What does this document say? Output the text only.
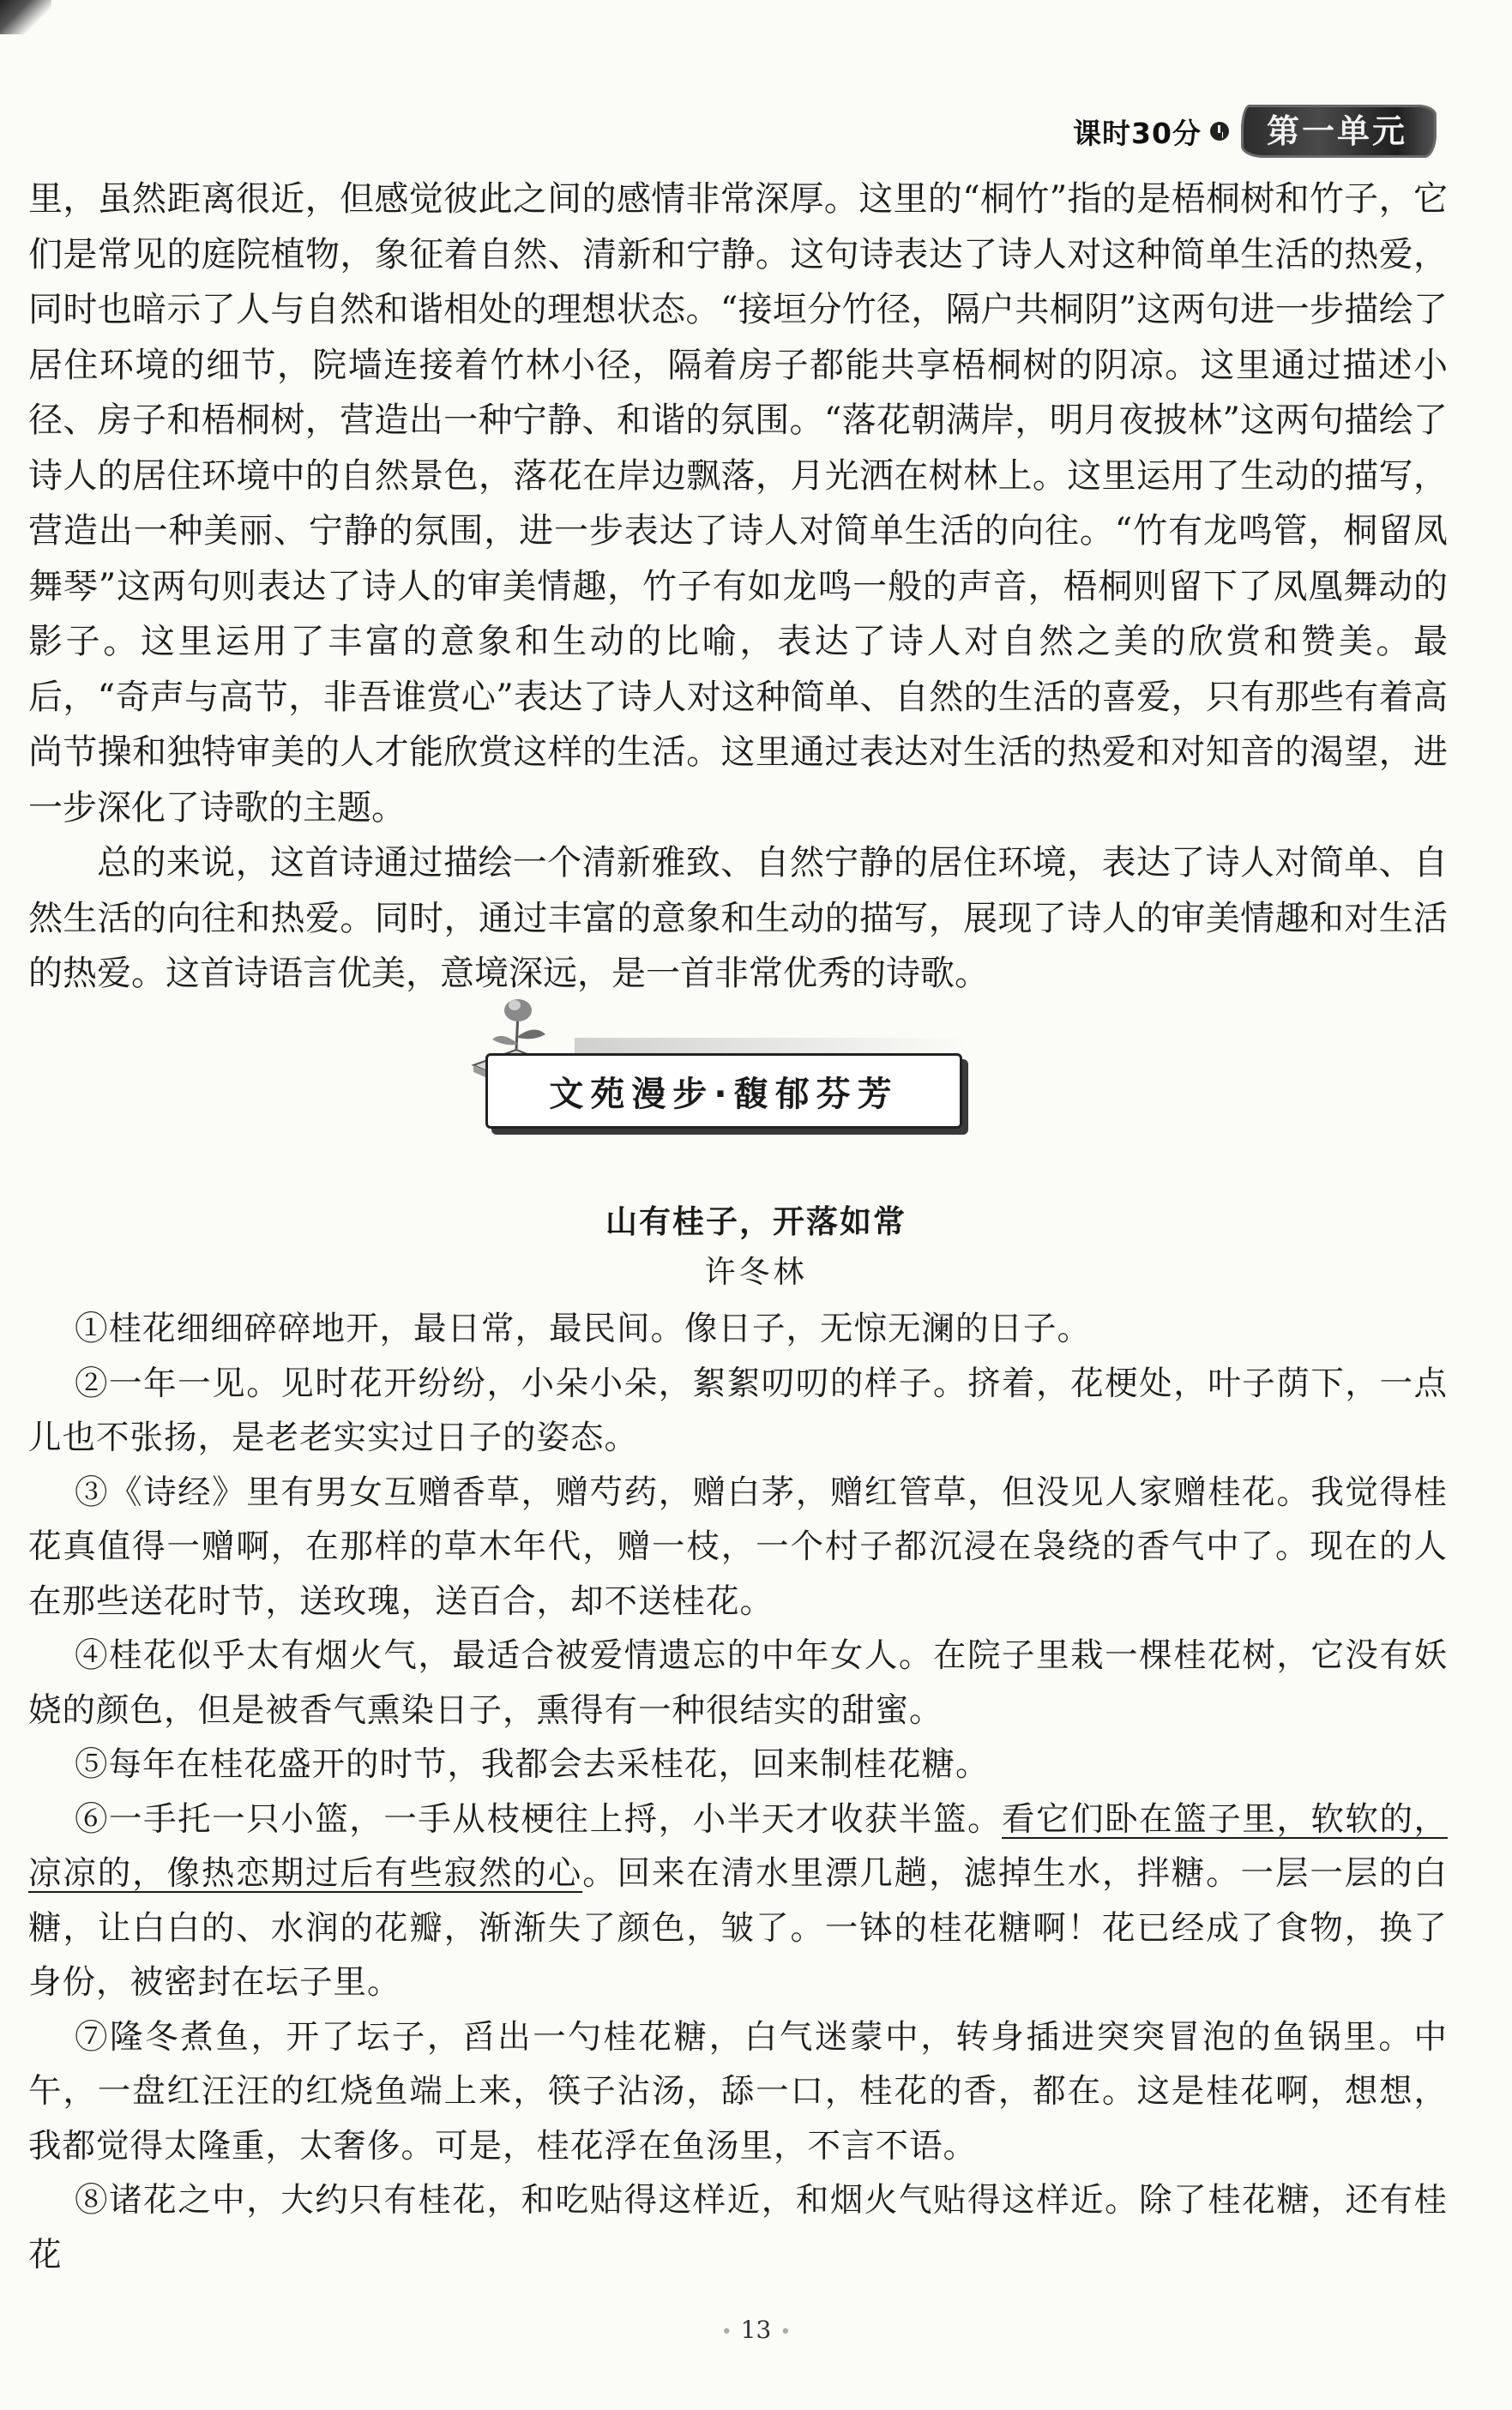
课时30分	第一单元

里，虽然距离很近，但感觉彼此之间的感情非常深厚。这里的“桐竹”指的是梧桐树和竹子，它们是常见的庭院植物，象征着自然、清新和宁静。这句诗表达了诗人对这种简单生活的热爱，同时也暗示了人与自然和谐相处的理想状态。“接垣分竹径，隔户共桐阴”这两句进一步描绘了居住环境的细节，院墙连接着竹林小径，隔着房子都能共享梧桐树的阴凉。这里通过描述小径、房子和梧桐树，营造出一种宁静、和谐的氛围。“落花朝满岸，明月夜披林”这两句描绘了诗人的居住环境中的自然景色，落花在岸边飘落，月光洒在树林上。这里运用了生动的描写，营造出一种美丽、宁静的氛围，进一步表达了诗人对简单生活的向往。“竹有龙鸣管，桐留凤舞琴”这两句则表达了诗人的审美情趣，竹子有如龙鸣一般的声音，梧桐则留下了凤凰舞动的影子。这里运用了丰富的意象和生动的比喻，表达了诗人对自然之美的欣赏和赞美。最后，“奇声与高节，非吾谁赏心”表达了诗人对这种简单、自然的生活的喜爱，只有那些有着高尚节操和独特审美的人才能欣赏这样的生活。这里通过表达对生活的热爱和对知音的渴望，进一步深化了诗歌的主题。

总的来说，这首诗通过描绘一个清新雅致、自然宁静的居住环境，表达了诗人对简单、自然生活的向往和热爱。同时，通过丰富的意象和生动的描写，展现了诗人的审美情趣和对生活的热爱。这首诗语言优美，意境深远，是一首非常优秀的诗歌。

文苑漫步·馥郁芬芳
山有桂子，开落如常
许冬林

①桂花细细碎碎地开，最日常，最民间。像日子，无惊无澜的日子。

②一年一见。见时花开纷纷，小朵小朵，絮絮叨叨的样子。挤着，花梗处，叶子荫下，一点儿也不张扬，是老老实实过日子的姿态。

③《诗经》里有男女互赠香草，赠芍药，赠白茅，赠红管草，但没见人家赠桂花。我觉得桂花真值得一赠啊，在那样的草木年代，赠一枝，一个村子都沉浸在袅绕的香气中了。现在的人在那些送花时节，送玫瑰，送百合，却不送桂花。

④桂花似乎太有烟火气，最适合被爱情遗忘的中年女人。在院子里栽一棵桂花树，它没有妖娆的颜色，但是被香气熏染日子，熏得有一种很结实的甜蜜。

⑤每年在桂花盛开的时节，我都会去采桂花，回来制桂花糖。

⑥一手托一只小篮，一手从枝梗往上捋，小半天才收获半篮。看它们卧在篮子里，软软的，凉凉的，像热恋期过后有些寂然的心。回来在清水里漂几趟，滤掉生水，拌糖。一层一层的白糖，让白白的、水润的花瓣，渐渐失了颜色，皱了。一钵的桂花糖啊！花已经成了食物，换了身份，被密封在坛子里。

⑦隆冬煮鱼，开了坛子，舀出一勺桂花糖，白气迷蒙中，转身插进突突冒泡的鱼锅里。中午，一盘红汪汪的红烧鱼端上来，筷子沾汤，舔一口，桂花的香，都在。这是桂花啊，想想，我都觉得太隆重，太奢侈。可是，桂花浮在鱼汤里，不言不语。

⑧诸花之中，大约只有桂花，和吃贴得这样近，和烟火气贴得这样近。除了桂花糖，还有桂花

• 13 •
